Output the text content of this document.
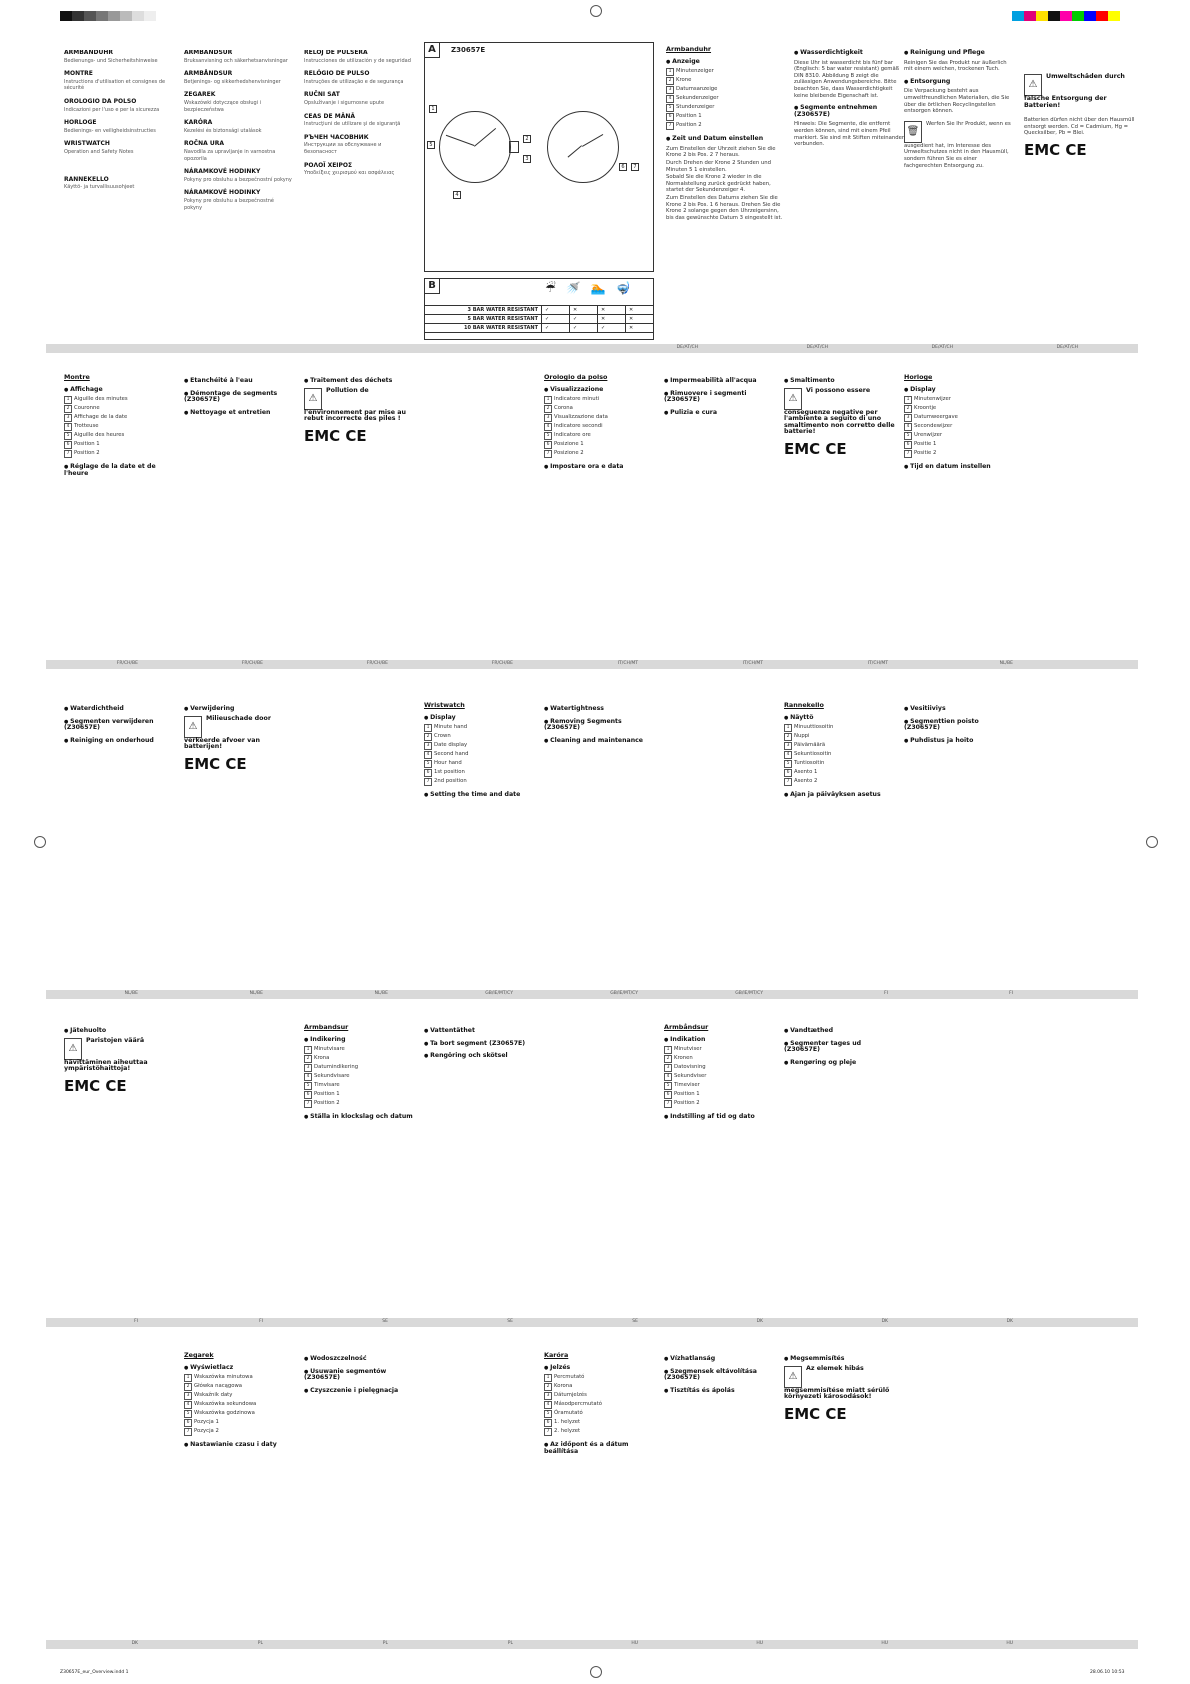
ARMBANDUHR
Bedienungs- und Sicherheitshinweise
MONTRE
Instructions d'utilisation et consignes de sécurité
OROLOGIO DA POLSO
Indicazioni per l'uso e per la sicurezza
HORLOGE
Bedienings- en veiligheidsinstructies
WRISTWATCH
Operation and Safety Notes
RANNEKELLO
Käyttö- ja turvallisuusohjeet
ARMBANDSUR
Bruksanvisning och säkerhetsanvisningar
ARMBÅNDSUR
Betjenings- og sikkerhedshenvisninger
ZEGAREK
Wskazówki dotyczące obsługi i bezpieczeństwa
KARÓRA
Kezelési és biztonsági utalások
ROČNA URA
Navodila za upravljanje in varnostna opozorila
NÁRAMKOVÉ HODINKY
Pokyny pro obsluhu a bezpečnostní pokyny
NÁRAMKOVÉ HODINKY
Pokyny pre obsluhu a bezpečnostné pokyny
RELOJ DE PULSERA
Instrucciones de utilización y de seguridad
RELÓGIO DE PULSO
Instruções de utilização e de segurança
RUČNI SAT
Opsluživanje i sigurnosne upute
CEAS DE MÂNĂ
Instrucţiuni de utilizare şi de siguranţă
РЪЧЕН ЧАСОВНИК
Инструкции за обслужване и безопасност
ΡΟΛΟΪ ΧΕΙΡΟΣ
Υποδείξεις χειρισμού και ασφάλειας
A	Z30657E
1
2
3
4
5
6	7
B	☔🚿🏊🤿
3 BAR WATER RESISTANT	✓	✕	✕	✕
5 BAR WATER RESISTANT	✓	✓	✕	✕
10 BAR WATER RESISTANT	✓	✓	✓	✕
Armbanduhr
● Anzeige
1 Minutenzeiger
2 Krone
3 Datumsanzeige
4 Sekundenzeiger
5 Stundenzeiger
6 Position 1
7 Position 2
● Zeit und Datum einstellen
Zum Einstellen der Uhrzeit ziehen Sie die Krone 2 bis Pos. 2 7 heraus.
Durch Drehen der Krone 2 Stunden und Minuten 5 1 einstellen.
Sobald Sie die Krone 2 wieder in die Normalstellung zurück gedrückt haben, startet der Sekundenzeiger 4.
Zum Einstellen des Datums ziehen Sie die Krone 2 bis Pos. 1 6 heraus. Drehen Sie die Krone 2 solange gegen den Uhrzeigersinn, bis das gewünschte Datum 3 eingestellt ist.
● Wasserdichtigkeit
Diese Uhr ist wasserdicht bis fünf bar (Englisch: 5 bar water resistant) gemäß DIN 8310. Abbildung B zeigt die zulässigen Anwendungsbereiche. Bitte beachten Sie, dass Wasserdichtigkeit keine bleibende Eigenschaft ist.
● Segmente entnehmen (Z30657E)
Hinweis: Die Segmente, die entfernt werden können, sind mit einem Pfeil markiert. Sie sind mit Stiften miteinander verbunden.
● Reinigung und Pflege
Reinigen Sie das Produkt nur äußerlich mit einem weichen, trockenen Tuch.
● Entsorgung
Die Verpackung besteht aus umweltfreundlichen Materialien, die Sie über die örtlichen Recyclingstellen entsorgen können.
🗑Werfen Sie Ihr Produkt, wenn es ausgedient hat, im Interesse des Umweltschutzes nicht in den Hausmüll, sondern führen Sie es einer fachgerechten Entsorgung zu.
⚠Umweltschäden durch falsche Entsorgung der Batterien!
Batterien dürfen nicht über den Hausmüll entsorgt werden. Cd = Cadmium, Hg = Quecksilber, Pb = Blei.
EMC CE
DE/AT/CH	DE/AT/CH	DE/AT/CH	DE/AT/CH
Montre
● Affichage
1 Aiguille des minutes
2 Couronne
3 Affichage de la date
4 Trotteuse
5 Aiguille des heures
6 Position 1
7 Position 2
● Réglage de la date et de l'heure
● Etanchéité à l'eau
● Démontage de segments (Z30657E)
● Nettoyage et entretien
● Traitement des déchets
⚠Pollution de l'environnement par mise au rebut incorrecte des piles !
EMC CE
Orologio da polso
● Visualizzazione
1 Indicatore minuti
2 Corona
3 Visualizzazione data
4 Indicatore secondi
5 Indicatore ore
6 Posizione 1
7 Posizione 2
● Impostare ora e data
● Impermeabilità all'acqua
● Rimuovere i segmenti (Z30657E)
● Pulizia e cura
● Smaltimento
⚠Vi possono essere conseguenze negative per l'ambiente a seguito di uno smaltimento non corretto delle batterie!
EMC CE
Horloge
● Display
1 Minutenwijzer
2 Kroontje
3 Datumweergave
4 Secondewijzer
5 Urenwijzer
6 Positie 1
7 Positie 2
● Tijd en datum instellen
FR/CH/BE	FR/CH/BE	FR/CH/BE	FR/CH/BE	IT/CH/MT	IT/CH/MT	IT/CH/MT	NL/BE
● Waterdichtheid
● Segmenten verwijderen (Z30657E)
● Reiniging en onderhoud
● Verwijdering
⚠Milieuschade door verkeerde afvoer van batterijen!
EMC CE
Wristwatch
● Display
1 Minute hand
2 Crown
3 Date display
4 Second hand
5 Hour hand
6 1st position
7 2nd position
● Setting the time and date
● Watertightness
● Removing Segments (Z30657E)
● Cleaning and maintenance
Rannekello
● Näyttö
1 Minuuttiosoitin
2 Nuppi
3 Päivämäärä
4 Sekuntiosoitin
5 Tuntiosoitin
6 Asento 1
7 Asento 2
● Ajan ja päiväyksen asetus
● Vesitiiviys
● Segmenttien poisto (Z30657E)
● Puhdistus ja hoito
NL/BE	NL/BE	NL/BE	GB/IE/MT/CY	GB/IE/MT/CY	GB/IE/MT/CY	FI	FI
● Jätehuolto
⚠Paristojen väärä hävittäminen aiheuttaa ympäristöhaittoja!
EMC CE
Armbandsur
● Indikering
1 Minutvisare
2 Krona
3 Datumindikering
4 Sekundvisare
5 Timvisare
6 Position 1
7 Position 2
● Ställa in klockslag och datum
● Vattentäthet
● Ta bort segment (Z30657E)
● Rengöring och skötsel
Armbåndsur
● Indikation
1 Minutviser
2 Kronen
3 Datovisning
4 Sekundviser
5 Timeviser
6 Position 1
7 Position 2
● Indstilling af tid og dato
● Vandtæthed
● Segmenter tages ud (Z30657E)
● Rengøring og pleje
FI	FI	SE	SE	SE	DK	DK	DK
Zegarek
● Wyświetlacz
1 Wskazówka minutowa
2 Główka nacągowa
3 Wskaźnik daty
4 Wskazówka sekundowa
5 Wskazówka godzinowa
6 Pozycja 1
7 Pozycja 2
● Nastawianie czasu i daty
● Wodoszczelność
● Usuwanie segmentów (Z30657E)
● Czyszczenie i pielęgnacja
Karóra
● Jelzés
1 Percmutató
2 Korona
3 Dátumjelzés
4 Másodpercmutató
5 Óramutató
6 1. helyzet
7 2. helyzet
● Az időpont és a dátum beállítása
● Vízhatlanság
● Szegmensek eltávolítása (Z30657E)
● Tisztítás és ápolás
● Megsemmisítés
⚠Az elemek hibás megsemmisítése miatt sérülő környezeti károsodások!
EMC CE
DK	PL	PL	PL	HU	HU	HU	HU
Z30657E_eur_Overview.indd 1	28.06.10 10:53
